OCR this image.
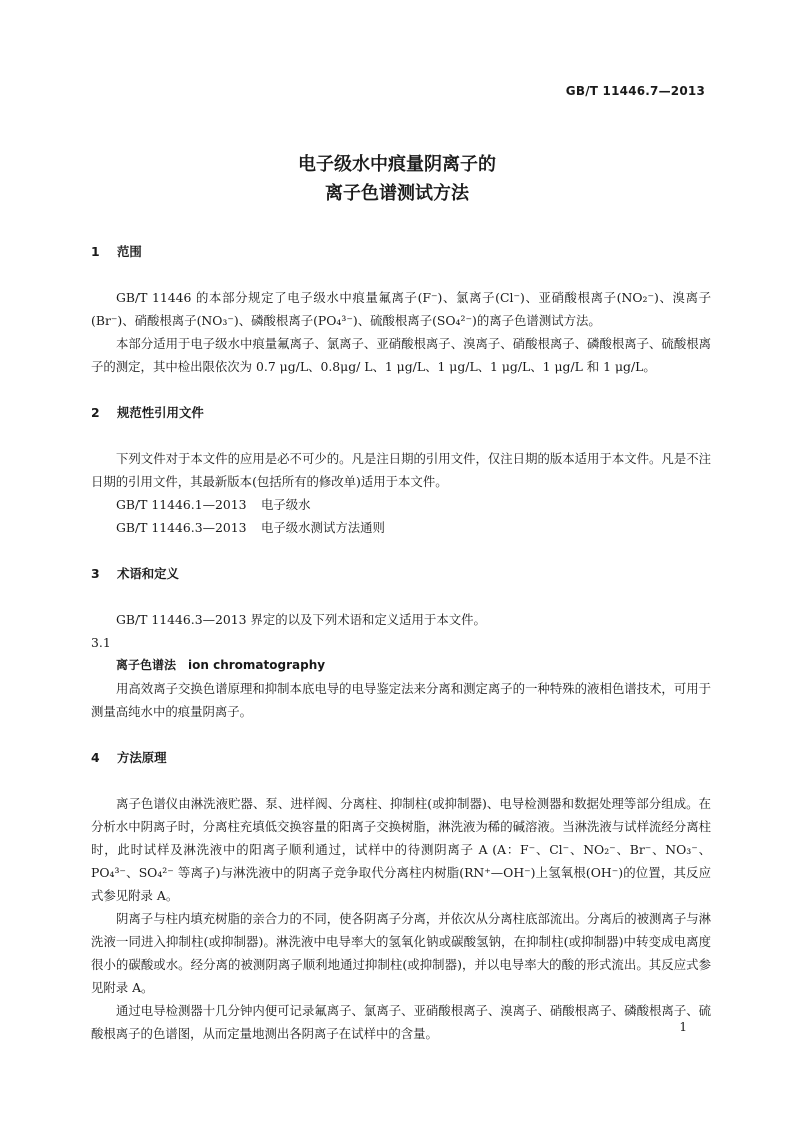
GB/T 11446.7—2013
电子级水中痕量阴离子的
离子色谱测试方法
1 范围

GB/T 11446 的本部分规定了电子级水中痕量氟离子(F⁻)、氯离子(Cl⁻)、亚硝酸根离子(NO₂⁻)、溴离子(Br⁻)、硝酸根离子(NO₃⁻)、磷酸根离子(PO₄³⁻)、硫酸根离子(SO₄²⁻)的离子色谱测试方法。

本部分适用于电子级水中痕量氟离子、氯离子、亚硝酸根离子、溴离子、硝酸根离子、磷酸根离子、硫酸根离子的测定，其中检出限依次为 0.7 μg/L、0.8μg/ L、1 μg/L、1 μg/L、1 μg/L、1 μg/L 和 1 μg/L。

2 规范性引用文件

下列文件对于本文件的应用是必不可少的。凡是注日期的引用文件，仅注日期的版本适用于本文件。凡是不注日期的引用文件，其最新版本(包括所有的修改单)适用于本文件。

GB/T 11446.1—2013 电子级水

GB/T 11446.3—2013 电子级水测试方法通则

3 术语和定义

GB/T 11446.3—2013 界定的以及下列术语和定义适用于本文件。

3.1

离子色谱法 ion chromatography

用高效离子交换色谱原理和抑制本底电导的电导鉴定法来分离和测定离子的一种特殊的液相色谱技术，可用于测量高纯水中的痕量阴离子。

4 方法原理

离子色谱仪由淋洗液贮器、泵、进样阀、分离柱、抑制柱(或抑制器)、电导检测器和数据处理等部分组成。在分析水中阴离子时，分离柱充填低交换容量的阳离子交换树脂，淋洗液为稀的碱溶液。当淋洗液与试样流经分离柱时，此时试样及淋洗液中的阳离子顺利通过，试样中的待测阴离子 A (A：F⁻、Cl⁻、NO₂⁻、Br⁻、NO₃⁻、PO₄³⁻、SO₄²⁻ 等离子)与淋洗液中的阴离子竞争取代分离柱内树脂(RN⁺—OH⁻)上氢氧根(OH⁻)的位置，其反应式参见附录 A。

阴离子与柱内填充树脂的亲合力的不同，使各阴离子分离，并依次从分离柱底部流出。分离后的被测离子与淋洗液一同进入抑制柱(或抑制器)。淋洗液中电导率大的氢氧化钠或碳酸氢钠，在抑制柱(或抑制器)中转变成电离度很小的碳酸或水。经分离的被测阴离子顺利地通过抑制柱(或抑制器)，并以电导率大的酸的形式流出。其反应式参见附录 A。

通过电导检测器十几分钟内便可记录氟离子、氯离子、亚硝酸根离子、溴离子、硝酸根离子、磷酸根离子、硫酸根离子的色谱图，从而定量地测出各阴离子在试样中的含量。	1
